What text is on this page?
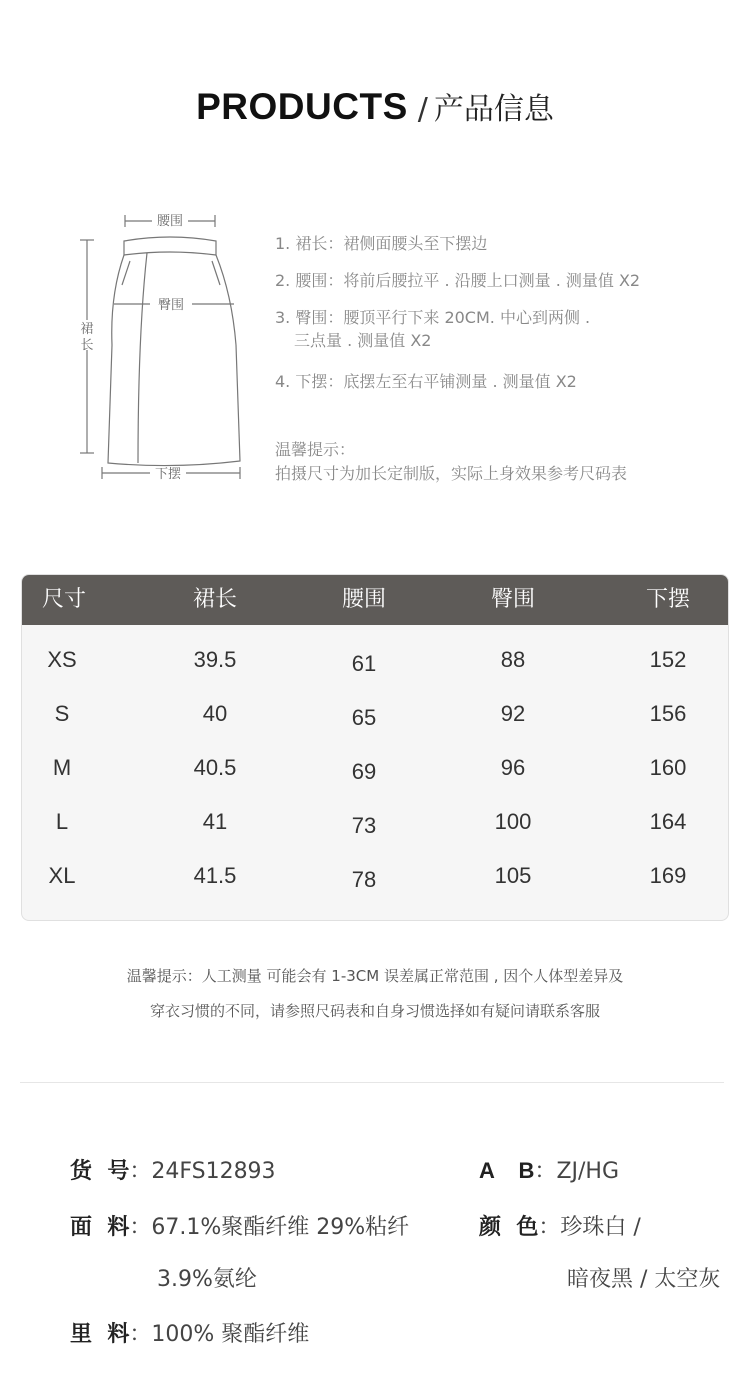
PRODUCTS / 产品信息
腰围
臀围
裙
长
下摆
1. 裙长：裙侧面腰头至下摆边
2. 腰围：将前后腰拉平 . 沿腰上口测量 . 测量值 X2
3. 臀围：腰顶平行下来 20CM. 中心到两侧 .
三点量 . 测量值 X2
4. 下摆：底摆左至右平铺测量 . 测量值 X2
温馨提示：
拍摄尺寸为加长定制版，实际上身效果参考尺码表
尺寸	裙长	腰围	臀围	下摆
XS	39.5	61	88	152
S	40	65	92	156
M	40.5	69	96	160
L	41	73	100	164
XL	41.5	78	105	169
温馨提示：人工测量 可能会有 1-3CM 误差属正常范围 , 因个人体型差异及
穿衣习惯的不同，请参照尺码表和自身习惯选择如有疑问请联系客服
货  号：24FS12893	A    B：ZJ/HG
面  料：67.1%聚酯纤维 29%粘纤
3.9%氨纶
颜  色：珍珠白 /
暗夜黑 / 太空灰
里  料：100% 聚酯纤维
